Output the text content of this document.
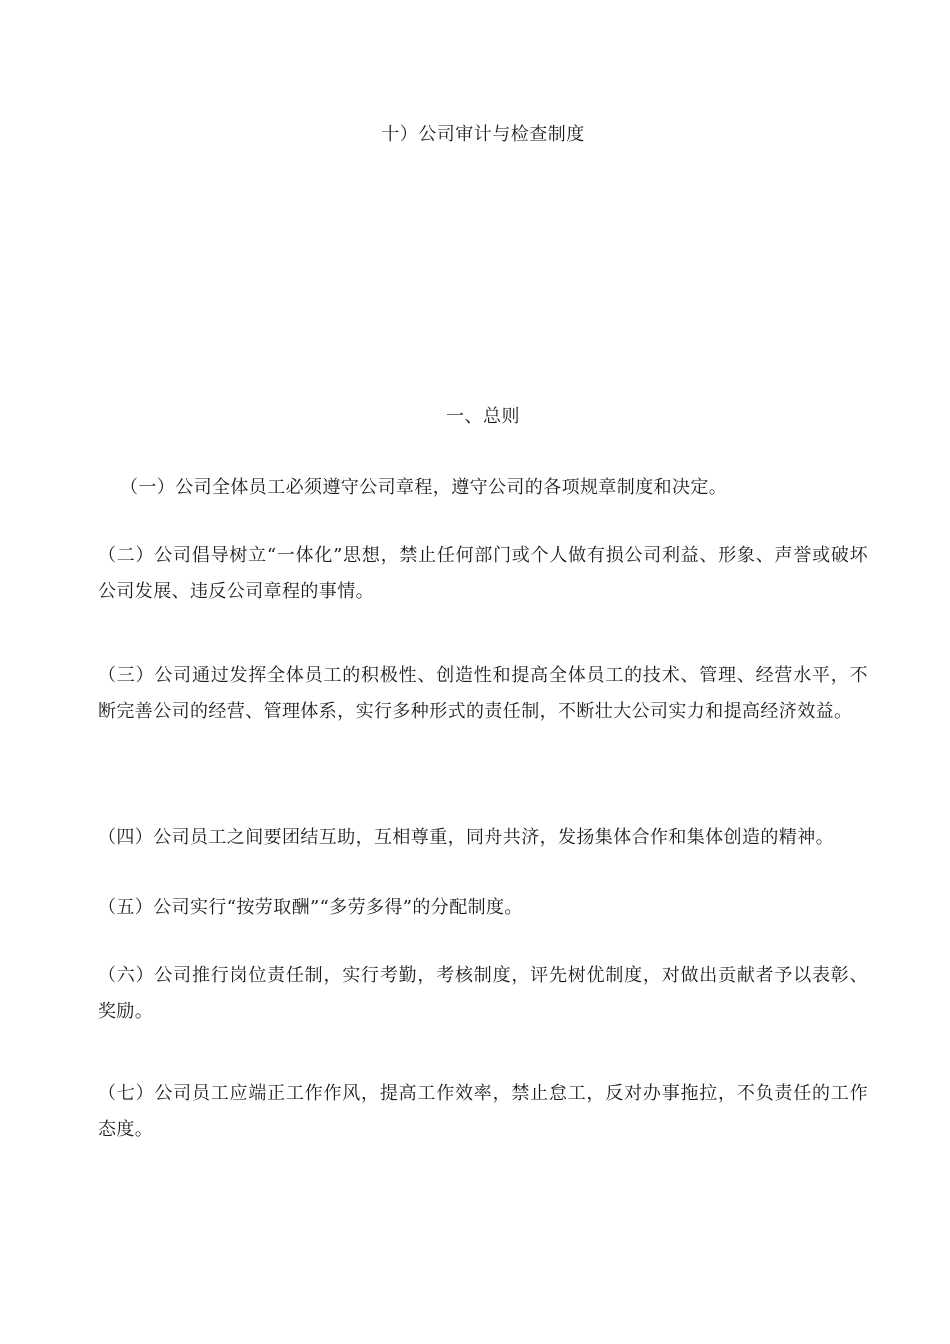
十）公司审计与检查制度
一、总则
（一）公司全体员工必须遵守公司章程，遵守公司的各项规章制度和决定。
（二）公司倡导树立“一体化”思想，禁止任何部门或个人做有损公司利益、形象、声誉或破坏公司发展、违反公司章程的事情。
（三）公司通过发挥全体员工的积极性、创造性和提高全体员工的技术、管理、经营水平，不断完善公司的经营、管理体系，实行多种形式的责任制，不断壮大公司实力和提高经济效益。
（四）公司员工之间要团结互助，互相尊重，同舟共济，发扬集体合作和集体创造的精神。
（五）公司实行“按劳取酬”“多劳多得”的分配制度。
（六）公司推行岗位责任制，实行考勤，考核制度，评先树优制度，对做出贡献者予以表彰、奖励。
（七）公司员工应端正工作作风，提高工作效率，禁止怠工，反对办事拖拉，不负责任的工作态度。
